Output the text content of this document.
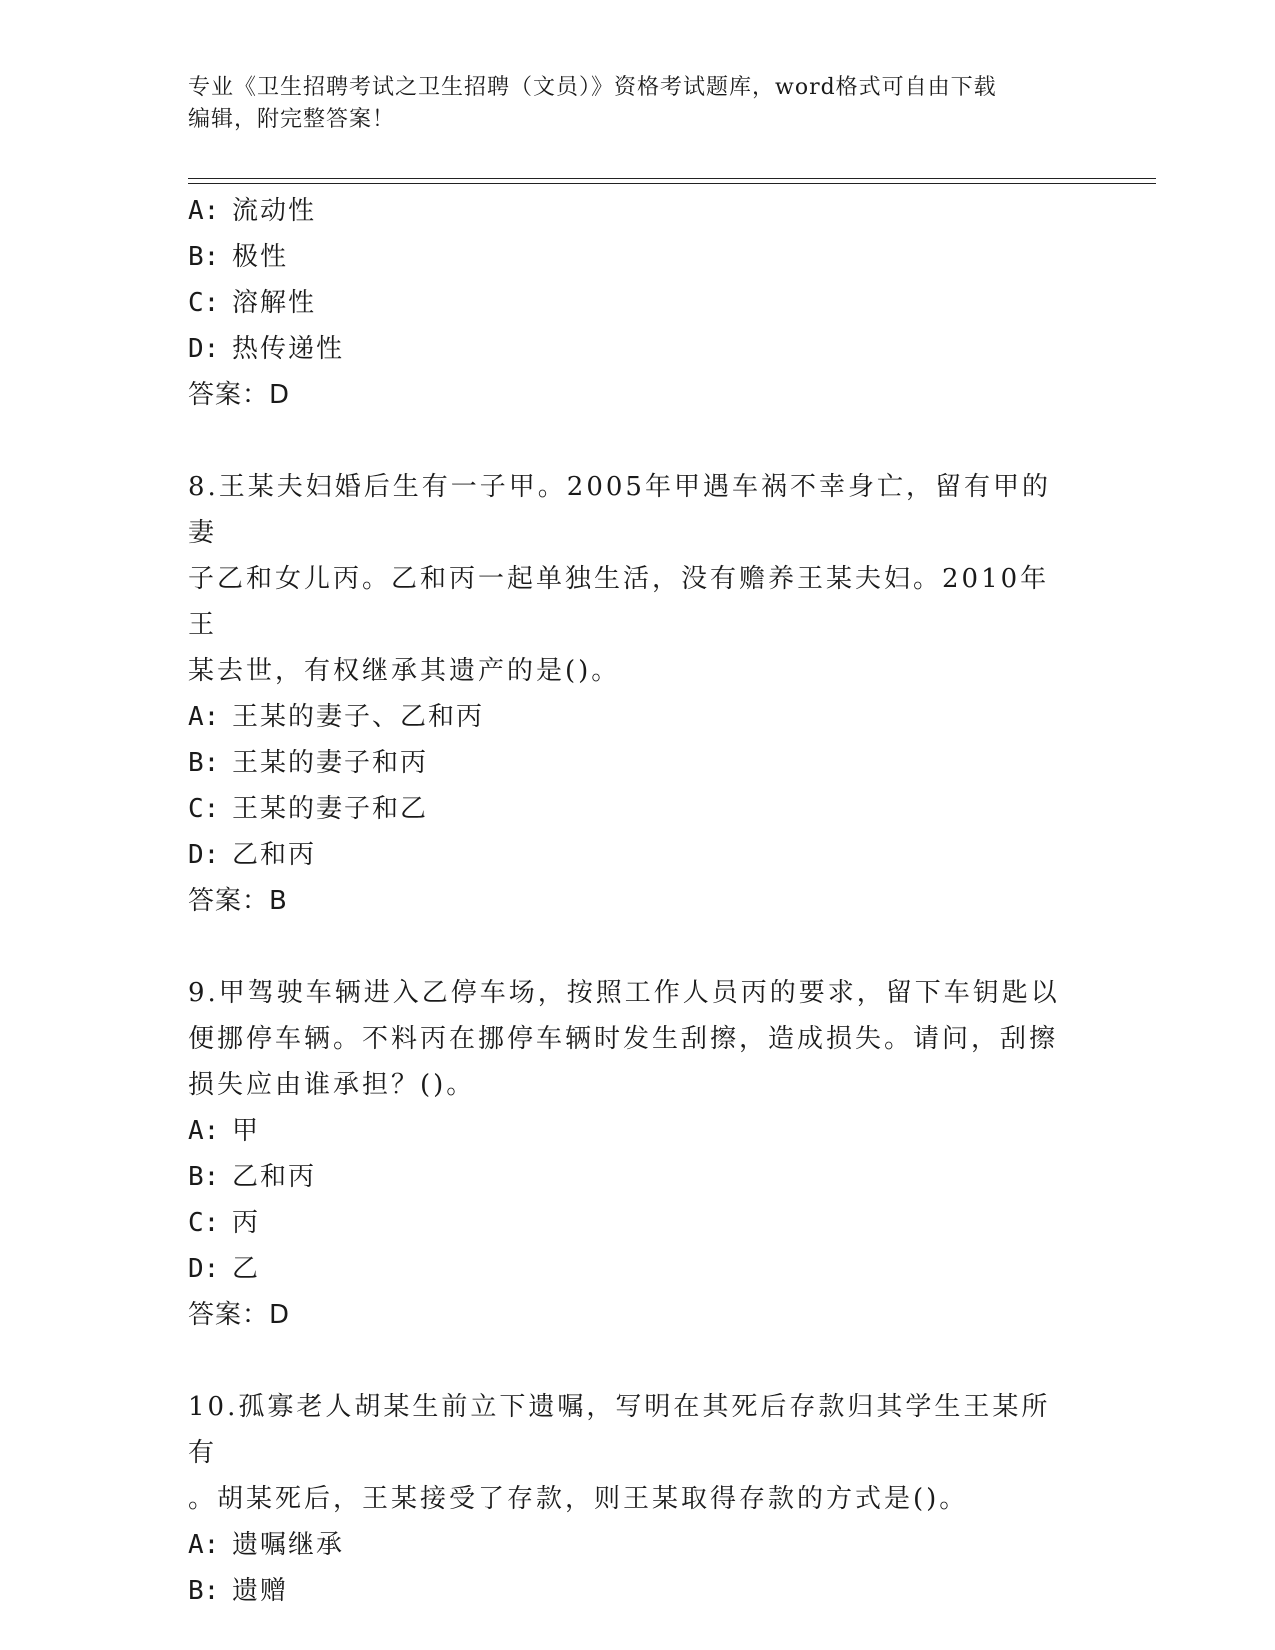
专业《卫生招聘考试之卫生招聘（文员）》资格考试题库，word格式可自由下载
编辑，附完整答案！
A: 流动性
B: 极性
C: 溶解性
D: 热传递性
答案：D
8.王某夫妇婚后生有一子甲。2005年甲遇车祸不幸身亡，留有甲的妻
子乙和女儿丙。乙和丙一起单独生活，没有赡养王某夫妇。2010年王
某去世，有权继承其遗产的是()。
A: 王某的妻子、乙和丙
B: 王某的妻子和丙
C: 王某的妻子和乙
D: 乙和丙
答案：B
9.甲驾驶车辆进入乙停车场，按照工作人员丙的要求，留下车钥匙以
便挪停车辆。不料丙在挪停车辆时发生刮擦，造成损失。请问，刮擦
损失应由谁承担？()。
A: 甲
B: 乙和丙
C: 丙
D: 乙
答案：D
10.孤寡老人胡某生前立下遗嘱，写明在其死后存款归其学生王某所有
。胡某死后，王某接受了存款，则王某取得存款的方式是()。
A: 遗嘱继承
B: 遗赠
